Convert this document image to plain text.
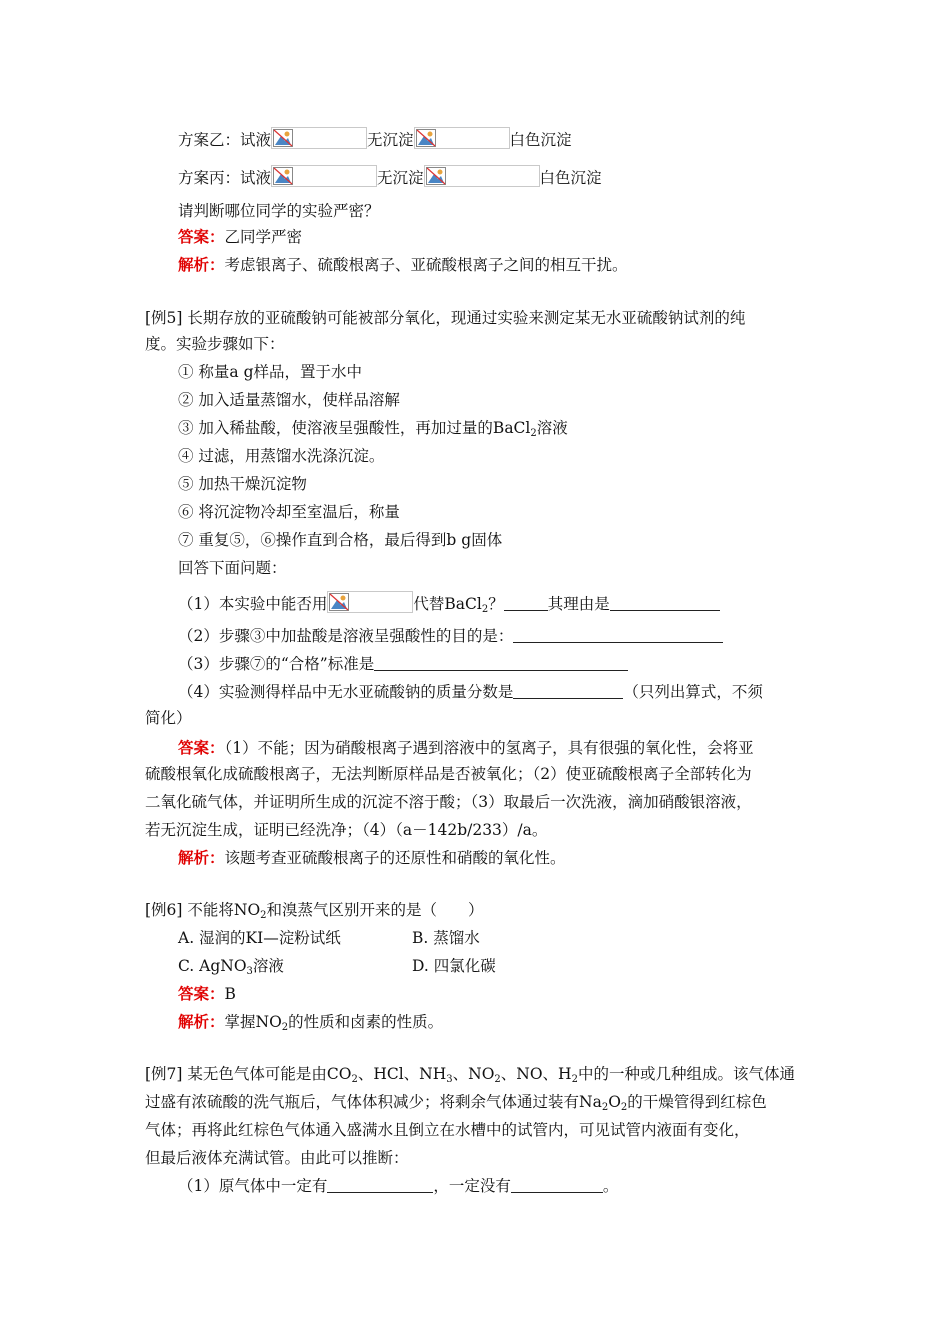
方案乙：试液	无沉淀	白色沉淀
方案丙：试液	无沉淀	白色沉淀
请判断哪位同学的实验严密？
答案：乙同学严密
解析：考虑银离子、硫酸根离子、亚硫酸根离子之间的相互干扰。
[例5] 长期存放的亚硫酸钠可能被部分氧化，现通过实验来测定某无水亚硫酸钠试剂的纯
度。实验步骤如下：
① 称量a g样品，置于水中
② 加入适量蒸馏水，使样品溶解
③ 加入稀盐酸，使溶液呈强酸性，再加过量的BaCl$_2$溶液
④ 过滤，用蒸馏水洗涤沉淀。
⑤ 加热干燥沉淀物
⑥ 将沉淀物冷却至室温后，称量
⑦ 重复⑤，⑥操作直到合格，最后得到b g固体
回答下面问题：
（1）本实验中能否用	代替BaCl$_2$？	其理由是
（2）步骤③中加盐酸是溶液呈强酸性的目的是：
（3）步骤⑦的“合格”标准是
（4）实验测得样品中无水亚硫酸钠的质量分数是	（只列出算式，不须
简化）
答案：（1）不能；因为硝酸根离子遇到溶液中的氢离子，具有很强的氧化性，会将亚
硫酸根氧化成硫酸根离子，无法判断原样品是否被氧化；（2）使亚硫酸根离子全部转化为
二氧化硫气体，并证明所生成的沉淀不溶于酸；（3）取最后一次洗液，滴加硝酸银溶液，
若无沉淀生成，证明已经洗净；（4）（a－142b/233）/a。
解析：该题考查亚硫酸根离子的还原性和硝酸的氧化性。
[例6] 不能将$NO_2$和溴蒸气区别开来的是（　　）
A. 湿润的KI—淀粉试纸	B. 蒸馏水
C. AgNO$_3$溶液	D. 四氯化碳
答案：B
解析：掌握$NO_2$的性质和卤素的性质。
[例7] 某无色气体可能是由$CO_2$、HCl、$NH_3$、$NO_2$、NO、$H_2$中的一种或几种组成。该气体通
过盛有浓硫酸的洗气瓶后，气体体积减少；将剩余气体通过装有$Na_2O_2$的干燥管得到红棕色
气体；再将此红棕色气体通入盛满水且倒立在水槽中的试管内，可见试管内液面有变化，
但最后液体充满试管。由此可以推断：
（1）原气体中一定有	，一定没有	。
